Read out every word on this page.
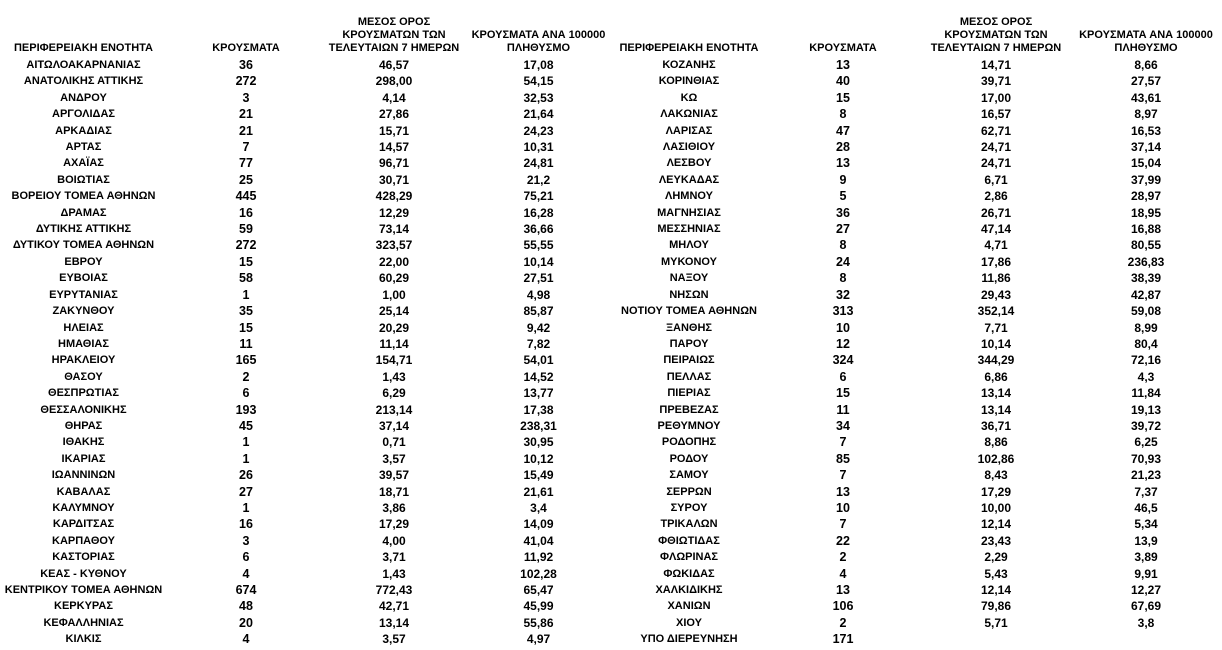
ΠΕΡΙΦΕΡΕΙΑΚΗ ΕΝΟΤΗΤΑ	ΚΡΟΥΣΜΑΤΑ	ΜΕΣΟΣ ΟΡΟΣ
ΚΡΟΥΣΜΑΤΩΝ ΤΩΝ
ΤΕΛΕΥΤΑΙΩΝ 7 ΗΜΕΡΩΝ	ΚΡΟΥΣΜΑΤΑ ΑΝΑ 100000
ΠΛΗΘΥΣΜΟ

ΑΙΤΩΛΟΑΚΑΡΝΑΝΙΑΣ	36	46,57	17,08
ΑΝΑΤΟΛΙΚΗΣ ΑΤΤΙΚΗΣ	272	298,00	54,15
ΑΝΔΡΟΥ	3	4,14	32,53
ΑΡΓΟΛΙΔΑΣ	21	27,86	21,64
ΑΡΚΑΔΙΑΣ	21	15,71	24,23
ΑΡΤΑΣ	7	14,57	10,31
ΑΧΑΪΑΣ	77	96,71	24,81
ΒΟΙΩΤΙΑΣ	25	30,71	21,2
ΒΟΡΕΙΟΥ ΤΟΜΕΑ ΑΘΗΝΩΝ	445	428,29	75,21
ΔΡΑΜΑΣ	16	12,29	16,28
ΔΥΤΙΚΗΣ ΑΤΤΙΚΗΣ	59	73,14	36,66
ΔΥΤΙΚΟΥ ΤΟΜΕΑ ΑΘΗΝΩΝ	272	323,57	55,55
ΕΒΡΟΥ	15	22,00	10,14
ΕΥΒΟΙΑΣ	58	60,29	27,51
ΕΥΡΥΤΑΝΙΑΣ	1	1,00	4,98
ΖΑΚΥΝΘΟΥ	35	25,14	85,87
ΗΛΕΙΑΣ	15	20,29	9,42
ΗΜΑΘΙΑΣ	11	11,14	7,82
ΗΡΑΚΛΕΙΟΥ	165	154,71	54,01
ΘΑΣΟΥ	2	1,43	14,52
ΘΕΣΠΡΩΤΙΑΣ	6	6,29	13,77
ΘΕΣΣΑΛΟΝΙΚΗΣ	193	213,14	17,38
ΘΗΡΑΣ	45	37,14	238,31
ΙΘΑΚΗΣ	1	0,71	30,95
ΙΚΑΡΙΑΣ	1	3,57	10,12
ΙΩΑΝΝΙΝΩΝ	26	39,57	15,49
ΚΑΒΑΛΑΣ	27	18,71	21,61
ΚΑΛΥΜΝΟΥ	1	3,86	3,4
ΚΑΡΔΙΤΣΑΣ	16	17,29	14,09
ΚΑΡΠΑΘΟΥ	3	4,00	41,04
ΚΑΣΤΟΡΙΑΣ	6	3,71	11,92
ΚΕΑΣ - ΚΥΘΝΟΥ	4	1,43	102,28
ΚΕΝΤΡΙΚΟΥ ΤΟΜΕΑ ΑΘΗΝΩΝ	674	772,43	65,47
ΚΕΡΚΥΡΑΣ	48	42,71	45,99
ΚΕΦΑΛΛΗΝΙΑΣ	20	13,14	55,86
ΚΙΛΚΙΣ	4	3,57	4,97
ΠΕΡΙΦΕΡΕΙΑΚΗ ΕΝΟΤΗΤΑ	ΚΡΟΥΣΜΑΤΑ	ΜΕΣΟΣ ΟΡΟΣ
ΚΡΟΥΣΜΑΤΩΝ ΤΩΝ
ΤΕΛΕΥΤΑΙΩΝ 7 ΗΜΕΡΩΝ	ΚΡΟΥΣΜΑΤΑ ΑΝΑ 100000
ΠΛΗΘΥΣΜΟ

ΚΟΖΑΝΗΣ	13	14,71	8,66
ΚΟΡΙΝΘΙΑΣ	40	39,71	27,57
ΚΩ	15	17,00	43,61
ΛΑΚΩΝΙΑΣ	8	16,57	8,97
ΛΑΡΙΣΑΣ	47	62,71	16,53
ΛΑΣΙΘΙΟΥ	28	24,71	37,14
ΛΕΣΒΟΥ	13	24,71	15,04
ΛΕΥΚΑΔΑΣ	9	6,71	37,99
ΛΗΜΝΟΥ	5	2,86	28,97
ΜΑΓΝΗΣΙΑΣ	36	26,71	18,95
ΜΕΣΣΗΝΙΑΣ	27	47,14	16,88
ΜΗΛΟΥ	8	4,71	80,55
ΜΥΚΟΝΟΥ	24	17,86	236,83
ΝΑΞΟΥ	8	11,86	38,39
ΝΗΣΩΝ	32	29,43	42,87
ΝΟΤΙΟΥ ΤΟΜΕΑ ΑΘΗΝΩΝ	313	352,14	59,08
ΞΑΝΘΗΣ	10	7,71	8,99
ΠΑΡΟΥ	12	10,14	80,4
ΠΕΙΡΑΙΩΣ	324	344,29	72,16
ΠΕΛΛΑΣ	6	6,86	4,3
ΠΙΕΡΙΑΣ	15	13,14	11,84
ΠΡΕΒΕΖΑΣ	11	13,14	19,13
ΡΕΘΥΜΝΟΥ	34	36,71	39,72
ΡΟΔΟΠΗΣ	7	8,86	6,25
ΡΟΔΟΥ	85	102,86	70,93
ΣΑΜΟΥ	7	8,43	21,23
ΣΕΡΡΩΝ	13	17,29	7,37
ΣΥΡΟΥ	10	10,00	46,5
ΤΡΙΚΑΛΩΝ	7	12,14	5,34
ΦΘΙΩΤΙΔΑΣ	22	23,43	13,9
ΦΛΩΡΙΝΑΣ	2	2,29	3,89
ΦΩΚΙΔΑΣ	4	5,43	9,91
ΧΑΛΚΙΔΙΚΗΣ	13	12,14	12,27
ΧΑΝΙΩΝ	106	79,86	67,69
ΧΙΟΥ	2	5,71	3,8
ΥΠΟ ΔΙΕΡΕΥΝΗΣΗ	171		
